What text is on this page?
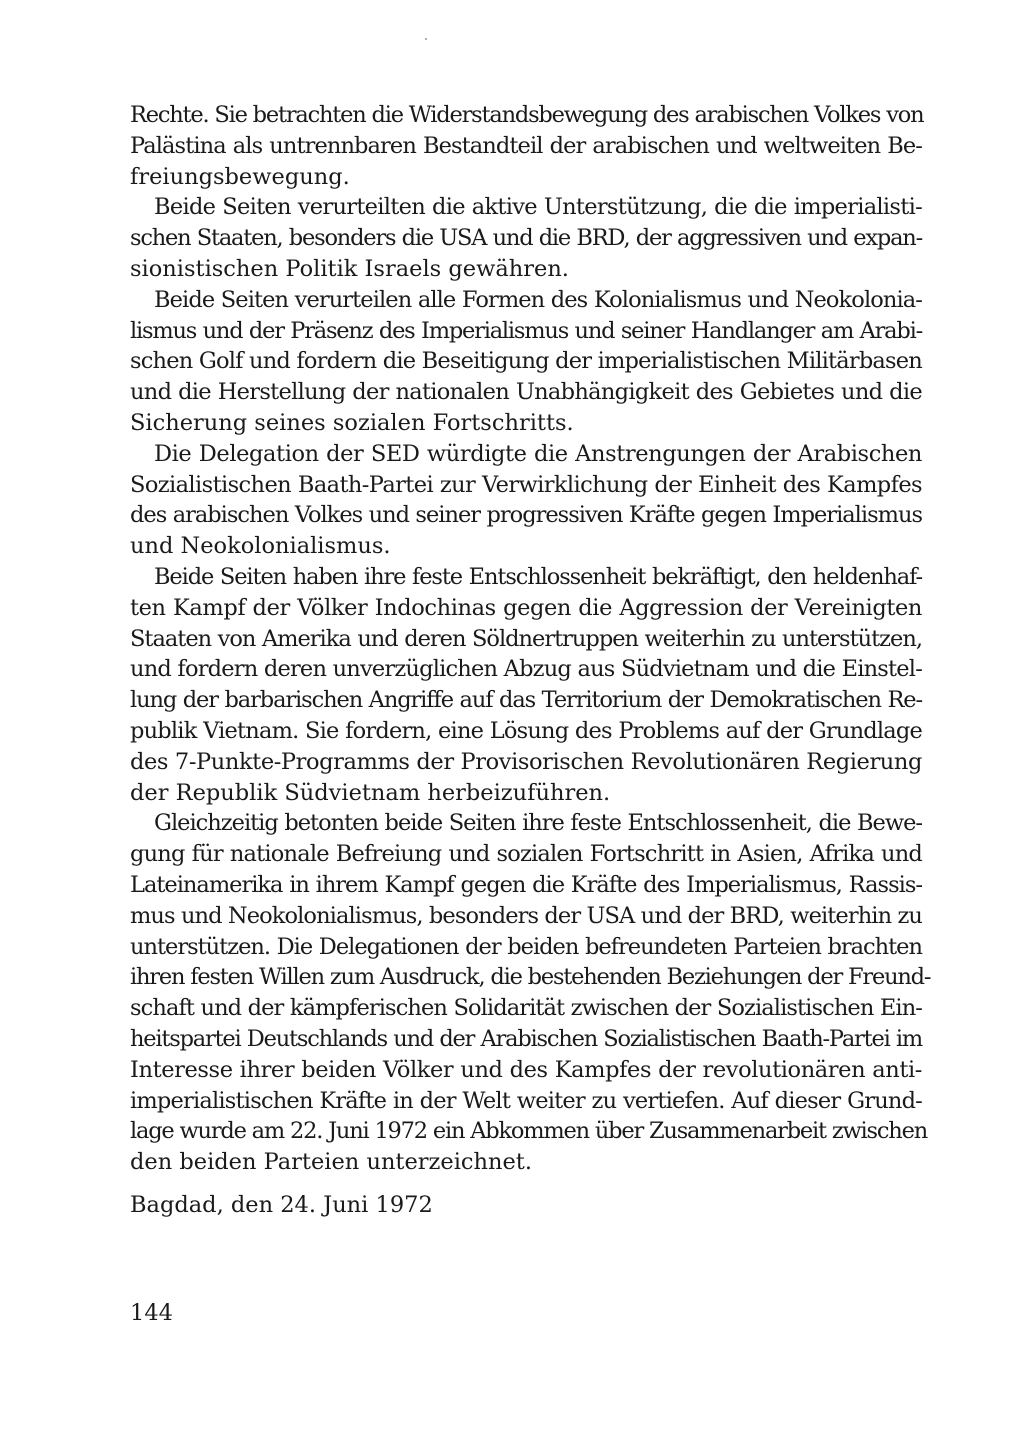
Rechte. Sie betrachten die Widerstandsbewegung des arabischen Volkes von
Palästina als untrennbaren Bestandteil der arabischen und weltweiten Be-
freiungsbewegung.

Beide Seiten verurteilten die aktive Unterstützung, die die imperialisti-
schen Staaten, besonders die USA und die BRD, der aggressiven und expan-
sionistischen Politik Israels gewähren.

Beide Seiten verurteilen alle Formen des Kolonialismus und Neokolonia-
lismus und der Präsenz des Imperialismus und seiner Handlanger am Arabi-
schen Golf und fordern die Beseitigung der imperialistischen Militärbasen
und die Herstellung der nationalen Unabhängigkeit des Gebietes und die
Sicherung seines sozialen Fortschritts.

Die Delegation der SED würdigte die Anstrengungen der Arabischen
Sozialistischen Baath-Partei zur Verwirklichung der Einheit des Kampfes
des arabischen Volkes und seiner progressiven Kräfte gegen Imperialismus
und Neokolonialismus.

Beide Seiten haben ihre feste Entschlossenheit bekräftigt, den heldenhaf-
ten Kampf der Völker Indochinas gegen die Aggression der Vereinigten
Staaten von Amerika und deren Söldnertruppen weiterhin zu unterstützen,
und fordern deren unverzüglichen Abzug aus Südvietnam und die Einstel-
lung der barbarischen Angriffe auf das Territorium der Demokratischen Re-
publik Vietnam. Sie fordern, eine Lösung des Problems auf der Grundlage
des 7-Punkte-Programms der Provisorischen Revolutionären Regierung
der Republik Südvietnam herbeizuführen.

Gleichzeitig betonten beide Seiten ihre feste Entschlossenheit, die Bewe-
gung für nationale Befreiung und sozialen Fortschritt in Asien, Afrika und
Lateinamerika in ihrem Kampf gegen die Kräfte des Imperialismus, Rassis-
mus und Neokolonialismus, besonders der USA und der BRD, weiterhin zu
unterstützen. Die Delegationen der beiden befreundeten Parteien brachten
ihren festen Willen zum Ausdruck, die bestehenden Beziehungen der Freund-
schaft und der kämpferischen Solidarität zwischen der Sozialistischen Ein-
heitspartei Deutschlands und der Arabischen Sozialistischen Baath-Partei im
Interesse ihrer beiden Völker und des Kampfes der revolutionären anti-
imperialistischen Kräfte in der Welt weiter zu vertiefen. Auf dieser Grund-
lage wurde am 22. Juni 1972 ein Abkommen über Zusammenarbeit zwischen
den beiden Parteien unterzeichnet.

Bagdad, den 24. Juni 1972
144
